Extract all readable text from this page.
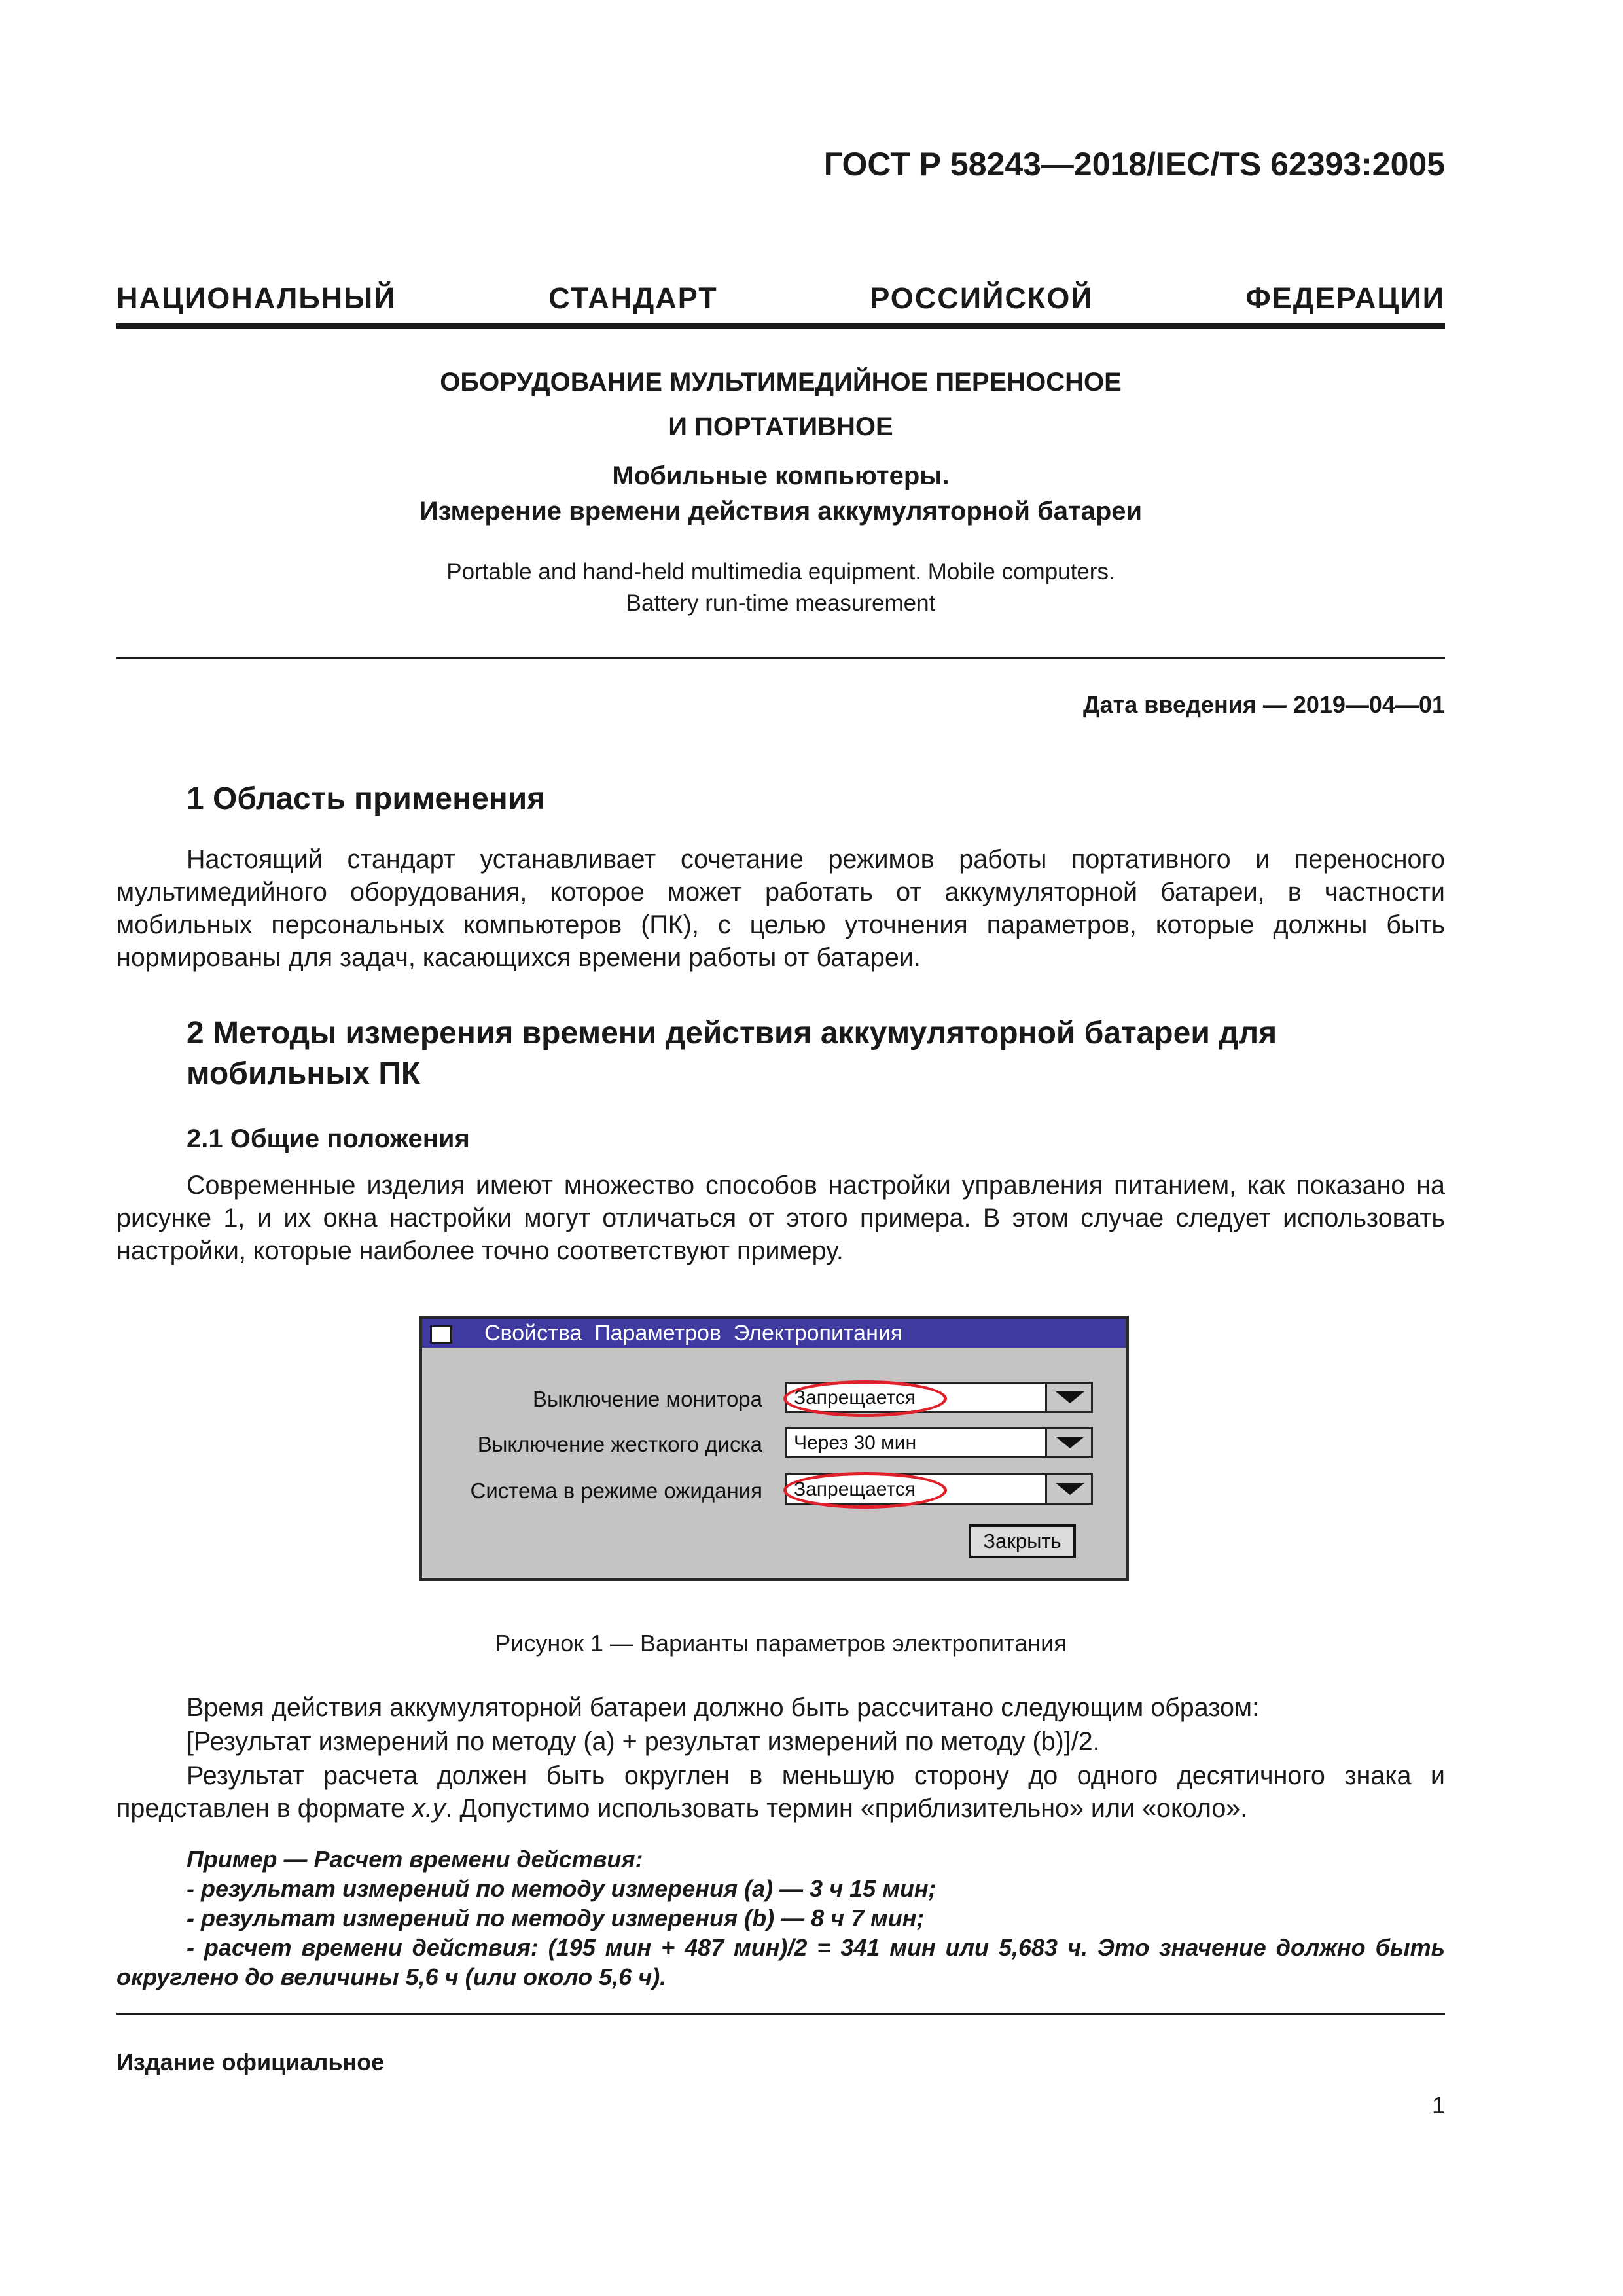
ГОСТ Р 58243—2018/IEC/TS 62393:2005
НАЦИОНАЛЬНЫЙ СТАНДАРТ РОССИЙСКОЙ ФЕДЕРАЦИИ
ОБОРУДОВАНИЕ МУЛЬТИМЕДИЙНОЕ ПЕРЕНОСНОЕ
И ПОРТАТИВНОЕ
Мобильные компьютеры.
Измерение времени действия аккумуляторной батареи
Portable and hand-held multimedia equipment. Mobile computers.
Battery run-time measurement
Дата введения — 2019—04—01
1 Область применения
Настоящий стандарт устанавливает сочетание режимов работы портативного и переносного мультимедийного оборудования, которое может работать от аккумуляторной батареи, в частности мобильных персональных компьютеров (ПК), с целью уточнения параметров, которые должны быть нормированы для задач, касающихся времени работы от батареи.
2 Методы измерения времени действия аккумуляторной батареи для мобильных ПК
2.1 Общие положения
Современные изделия имеют множество способов настройки управления питанием, как показано на рисунке 1, и их окна настройки могут отличаться от этого примера. В этом случае следует использовать настройки, которые наиболее точно соответствуют примеру.
Свойства  Параметров  Электропитания
Выключение монитора Запрещается
Выключение жесткого диска Через 30 мин
Система в режиме ожидания Запрещается
Закрыть
Рисунок 1 — Варианты параметров электропитания
Время действия аккумуляторной батареи должно быть рассчитано следующим образом:
[Результат измерений по методу (a) + результат измерений по методу (b)]/2.
Результат расчета должен быть округлен в меньшую сторону до одного десятичного знака и представлен в формате x.y. Допустимо использовать термин «приблизительно» или «около».
Пример — Расчет времени действия:
- результат измерений по методу измерения (a) — 3 ч 15 мин;
- результат измерений по методу измерения (b) — 8 ч 7 мин;
- расчет времени действия: (195 мин + 487 мин)/2 = 341 мин или 5,683 ч. Это значение должно быть округлено до величины 5,6 ч (или около 5,6 ч).
Издание официальное
1
